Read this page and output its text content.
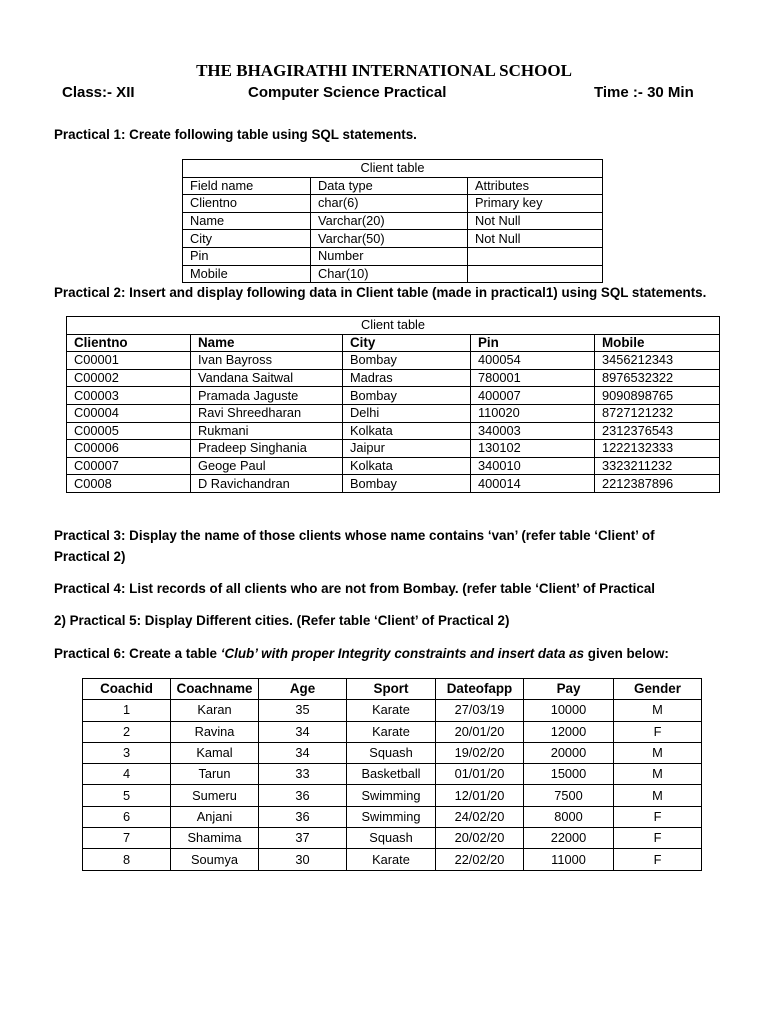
THE BHAGIRATHI INTERNATIONAL SCHOOL
Class:- XII	Computer Science Practical	Time :- 30 Min
Practical 1: Create following table using SQL statements.
Client table		
Field name	Data type	Attributes
Clientno	char(6)	Primary key
Name	Varchar(20)	Not Null
City	Varchar(50)	Not Null
Pin	Number	
Mobile	Char(10)	
Practical 2: Insert and display following data in Client table (made in practical1) using SQL statements.
Client table				
Clientno	Name	City	Pin	Mobile
C00001	Ivan Bayross	Bombay	400054	3456212343
C00002	Vandana Saitwal	Madras	780001	8976532322
C00003	Pramada Jaguste	Bombay	400007	9090898765
C00004	Ravi Shreedharan	Delhi	110020	8727121232
C00005	Rukmani	Kolkata	340003	2312376543
C00006	Pradeep Singhania	Jaipur	130102	1222132333
C00007	Geoge Paul	Kolkata	340010	3323211232
C0008	D Ravichandran	Bombay	400014	2212387896
Practical 3: Display the name of those clients whose name contains ‘van’ (refer table ‘Client’ of
Practical 2)
Practical 4: List records of all clients who are not from Bombay. (refer table ‘Client’ of Practical
2) Practical 5: Display Different cities. (Refer table ‘Client’ of Practical 2)
Practical 6: Create a table ‘Club’ with proper Integrity constraints and insert data as given below:
Coachid	Coachname	Age	Sport	Dateofapp	Pay	Gender
1	Karan	35	Karate	27/03/19	10000	M
2	Ravina	34	Karate	20/01/20	12000	F
3	Kamal	34	Squash	19/02/20	20000	M
4	Tarun	33	Basketball	01/01/20	15000	M
5	Sumeru	36	Swimming	12/01/20	7500	M
6	Anjani	36	Swimming	24/02/20	8000	F
7	Shamima	37	Squash	20/02/20	22000	F
8	Soumya	30	Karate	22/02/20	11000	F
